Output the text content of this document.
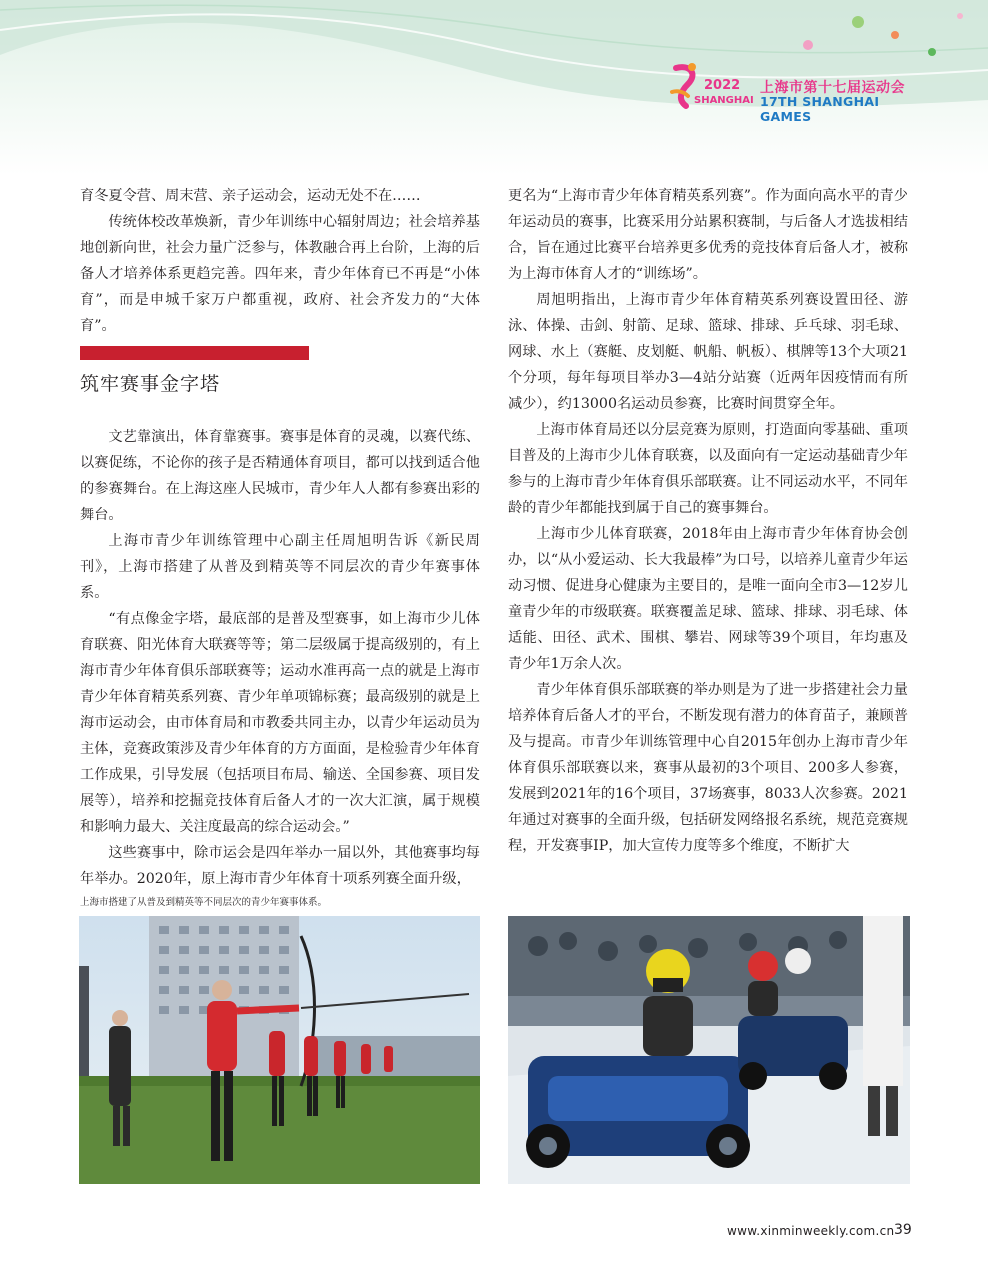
2022
SHANGHAI
上海市第十七届运动会
17TH SHANGHAI GAMES

育冬夏令营、周末营、亲子运动会，运动无处不在……

传统体校改革焕新，青少年训练中心辐射周边；社会培养基地创新向世，社会力量广泛参与，体教融合再上台阶，上海的后备人才培养体系更趋完善。四年来，青少年体育已不再是“小体育”，而是申城千家万户都重视，政府、社会齐发力的“大体育”。

筑牢赛事金字塔

文艺靠演出，体育靠赛事。赛事是体育的灵魂，以赛代练、以赛促练，不论你的孩子是否精通体育项目，都可以找到适合他的参赛舞台。在上海这座人民城市，青少年人人都有参赛出彩的舞台。

上海市青少年训练管理中心副主任周旭明告诉《新民周刊》，上海市搭建了从普及到精英等不同层次的青少年赛事体系。

“有点像金字塔，最底部的是普及型赛事，如上海市少儿体育联赛、阳光体育大联赛等等；第二层级属于提高级别的，有上海市青少年体育俱乐部联赛等；运动水准再高一点的就是上海市青少年体育精英系列赛、青少年单项锦标赛；最高级别的就是上海市运动会，由市体育局和市教委共同主办，以青少年运动员为主体，竞赛政策涉及青少年体育的方方面面，是检验青少年体育工作成果，引导发展（包括项目布局、输送、全国参赛、项目发展等），培养和挖掘竞技体育后备人才的一次大汇演，属于规模和影响力最大、关注度最高的综合运动会。”

这些赛事中，除市运会是四年举办一届以外，其他赛事均每年举办。2020年，原上海市青少年体育十项系列赛全面升级，

更名为“上海市青少年体育精英系列赛”。作为面向高水平的青少年运动员的赛事，比赛采用分站累积赛制，与后备人才选拔相结合，旨在通过比赛平台培养更多优秀的竞技体育后备人才，被称为上海市体育人才的“训练场”。

周旭明指出，上海市青少年体育精英系列赛设置田径、游泳、体操、击剑、射箭、足球、篮球、排球、乒乓球、羽毛球、网球、水上（赛艇、皮划艇、帆船、帆板）、棋牌等13个大项21个分项，每年每项目举办3—4站分站赛（近两年因疫情而有所减少），约13000名运动员参赛，比赛时间贯穿全年。

上海市体育局还以分层竞赛为原则，打造面向零基础、重项目普及的上海市少儿体育联赛，以及面向有一定运动基础青少年参与的上海市青少年体育俱乐部联赛。让不同运动水平，不同年龄的青少年都能找到属于自己的赛事舞台。

上海市少儿体育联赛，2018年由上海市青少年体育协会创办，以“从小爱运动、长大我最棒”为口号，以培养儿童青少年运动习惯、促进身心健康为主要目的，是唯一面向全市3—12岁儿童青少年的市级联赛。联赛覆盖足球、篮球、排球、羽毛球、体适能、田径、武术、围棋、攀岩、网球等39个项目，年均惠及青少年1万余人次。

青少年体育俱乐部联赛的举办则是为了进一步搭建社会力量培养体育后备人才的平台，不断发现有潜力的体育苗子，兼顾普及与提高。市青少年训练管理中心自2015年创办上海市青少年体育俱乐部联赛以来，赛事从最初的3个项目、200多人参赛，发展到2021年的16个项目，37场赛事，8033人次参赛。2021年通过对赛事的全面升级，包括研发网络报名系统，规范竞赛规程，开发赛事IP，加大宣传力度等多个维度，不断扩大

上海市搭建了从普及到精英等不同层次的青少年赛事体系。
www.xinminweekly.com.cn 39
